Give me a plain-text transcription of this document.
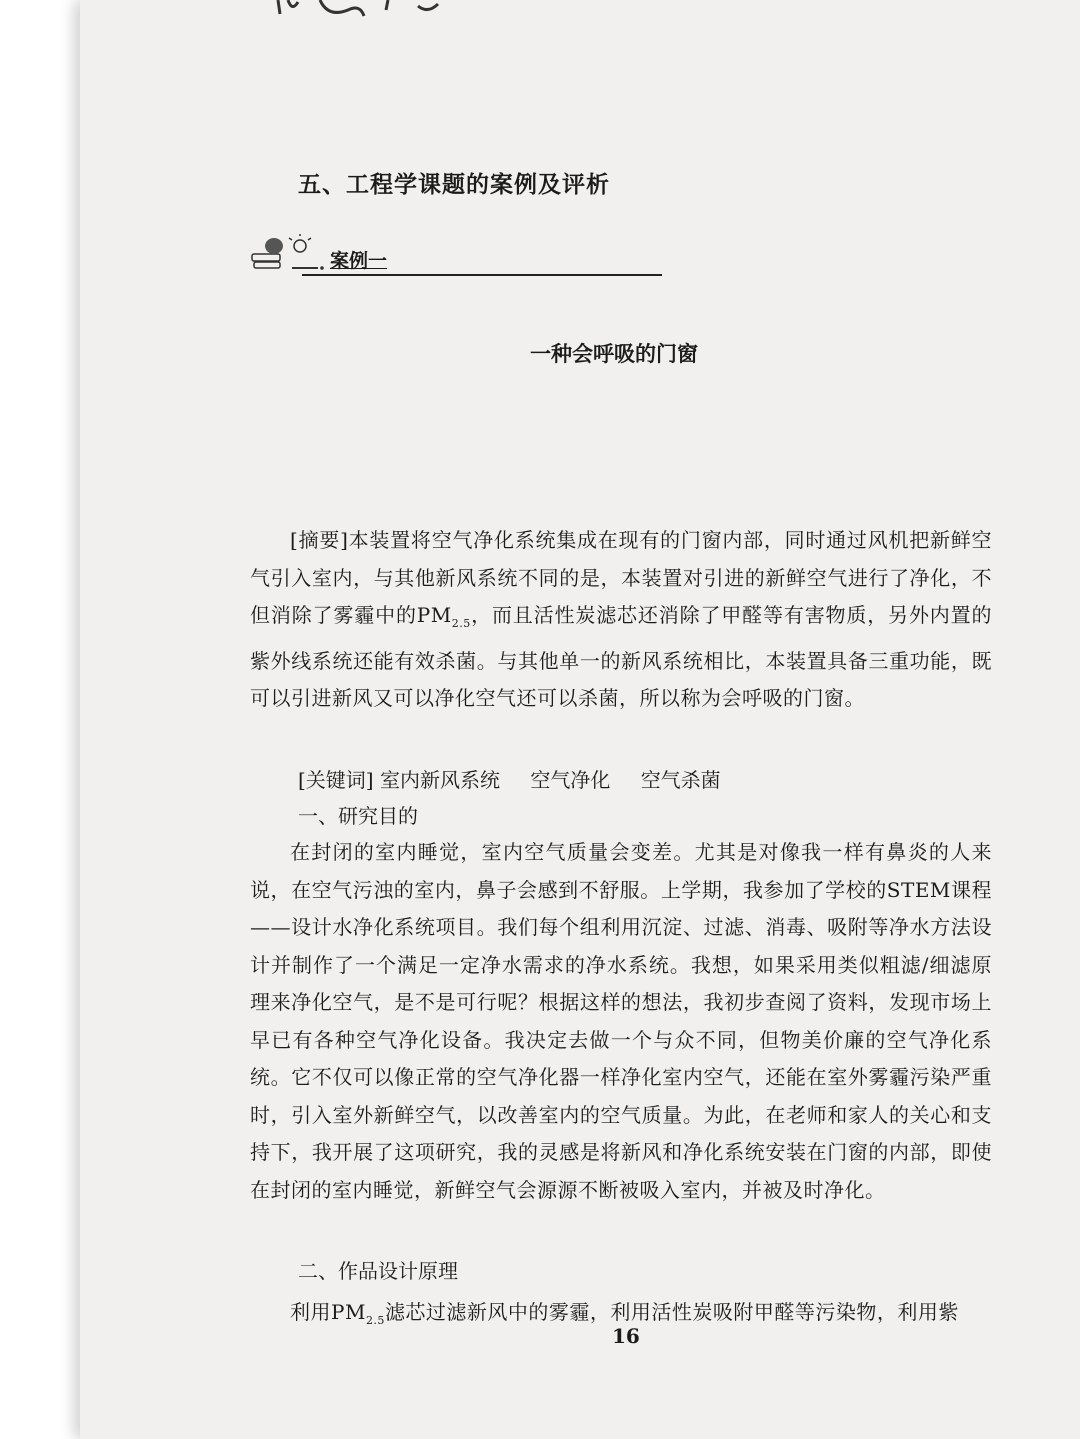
五、工程学课题的案例及评析
案例一
一种会呼吸的门窗

[摘要]本装置将空气净化系统集成在现有的门窗内部，同时通过风机把新鲜空气引入室内，与其他新风系统不同的是，本装置对引进的新鲜空气进行了净化，不但消除了雾霾中的$PM_{2.5}$，而且活性炭滤芯还消除了甲醛等有害物质，另外内置的紫外线系统还能有效杀菌。与其他单一的新风系统相比，本装置具备三重功能，既可以引进新风又可以净化空气还可以杀菌，所以称为会呼吸的门窗。

[关键词] 室内新风系统 空气净化 空气杀菌
一、研究目的

在封闭的室内睡觉，室内空气质量会变差。尤其是对像我一样有鼻炎的人来说，在空气污浊的室内，鼻子会感到不舒服。上学期，我参加了学校的STEM课程——设计水净化系统项目。我们每个组利用沉淀、过滤、消毒、吸附等净水方法设计并制作了一个满足一定净水需求的净水系统。我想，如果采用类似粗滤/细滤原理来净化空气，是不是可行呢？根据这样的想法，我初步查阅了资料，发现市场上早已有各种空气净化设备。我决定去做一个与众不同，但物美价廉的空气净化系统。它不仅可以像正常的空气净化器一样净化室内空气，还能在室外雾霾污染严重时，引入室外新鲜空气，以改善室内的空气质量。为此，在老师和家人的关心和支持下，我开展了这项研究，我的灵感是将新风和净化系统安装在门窗的内部，即使在封闭的室内睡觉，新鲜空气会源源不断被吸入室内，并被及时净化。

二、作品设计原理

利用$PM_{2.5}$滤芯过滤新风中的雾霾，利用活性炭吸附甲醛等污染物，利用紫

16
